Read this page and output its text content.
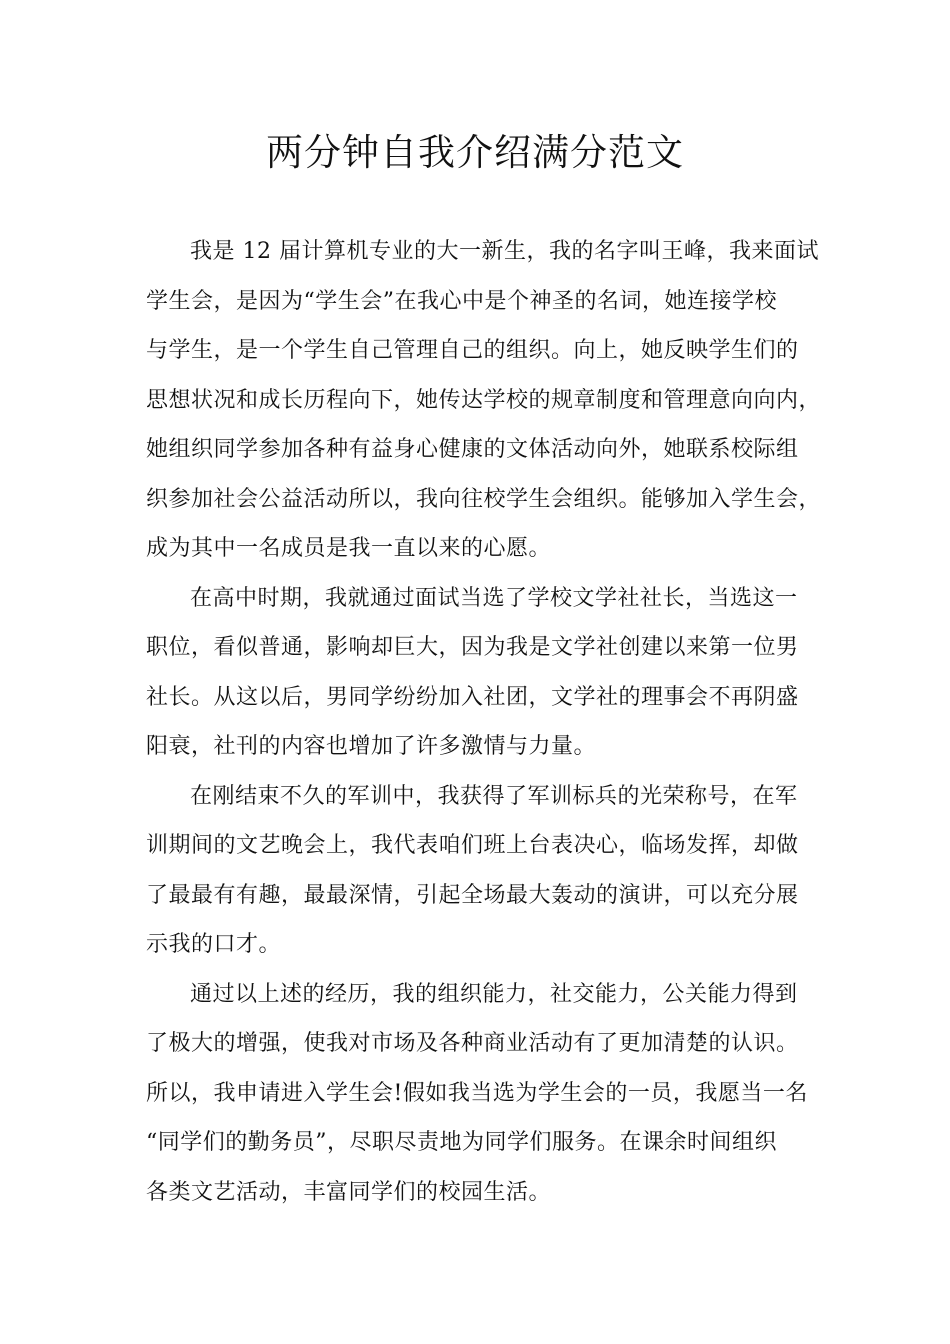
两分钟自我介绍满分范文
我是 12 届计算机专业的大一新生，我的名字叫王峰，我来面试
学生会，是因为“学生会”在我心中是个神圣的名词，她连接学校
与学生，是一个学生自己管理自己的组织。向上，她反映学生们的
思想状况和成长历程向下，她传达学校的规章制度和管理意向向内，
她组织同学参加各种有益身心健康的文体活动向外，她联系校际组
织参加社会公益活动所以，我向往校学生会组织。能够加入学生会，
成为其中一名成员是我一直以来的心愿。
在高中时期，我就通过面试当选了学校文学社社长，当选这一
职位，看似普通，影响却巨大，因为我是文学社创建以来第一位男
社长。从这以后，男同学纷纷加入社团，文学社的理事会不再阴盛
阳衰，社刊的内容也增加了许多激情与力量。
在刚结束不久的军训中，我获得了军训标兵的光荣称号，在军
训期间的文艺晚会上，我代表咱们班上台表决心，临场发挥，却做
了最最有有趣，最最深情，引起全场最大轰动的演讲，可以充分展
示我的口才。
通过以上述的经历，我的组织能力，社交能力，公关能力得到
了极大的增强，使我对市场及各种商业活动有了更加清楚的认识。
所以，我申请进入学生会!假如我当选为学生会的一员，我愿当一名
“同学们的勤务员”，尽职尽责地为同学们服务。在课余时间组织
各类文艺活动，丰富同学们的校园生活。
